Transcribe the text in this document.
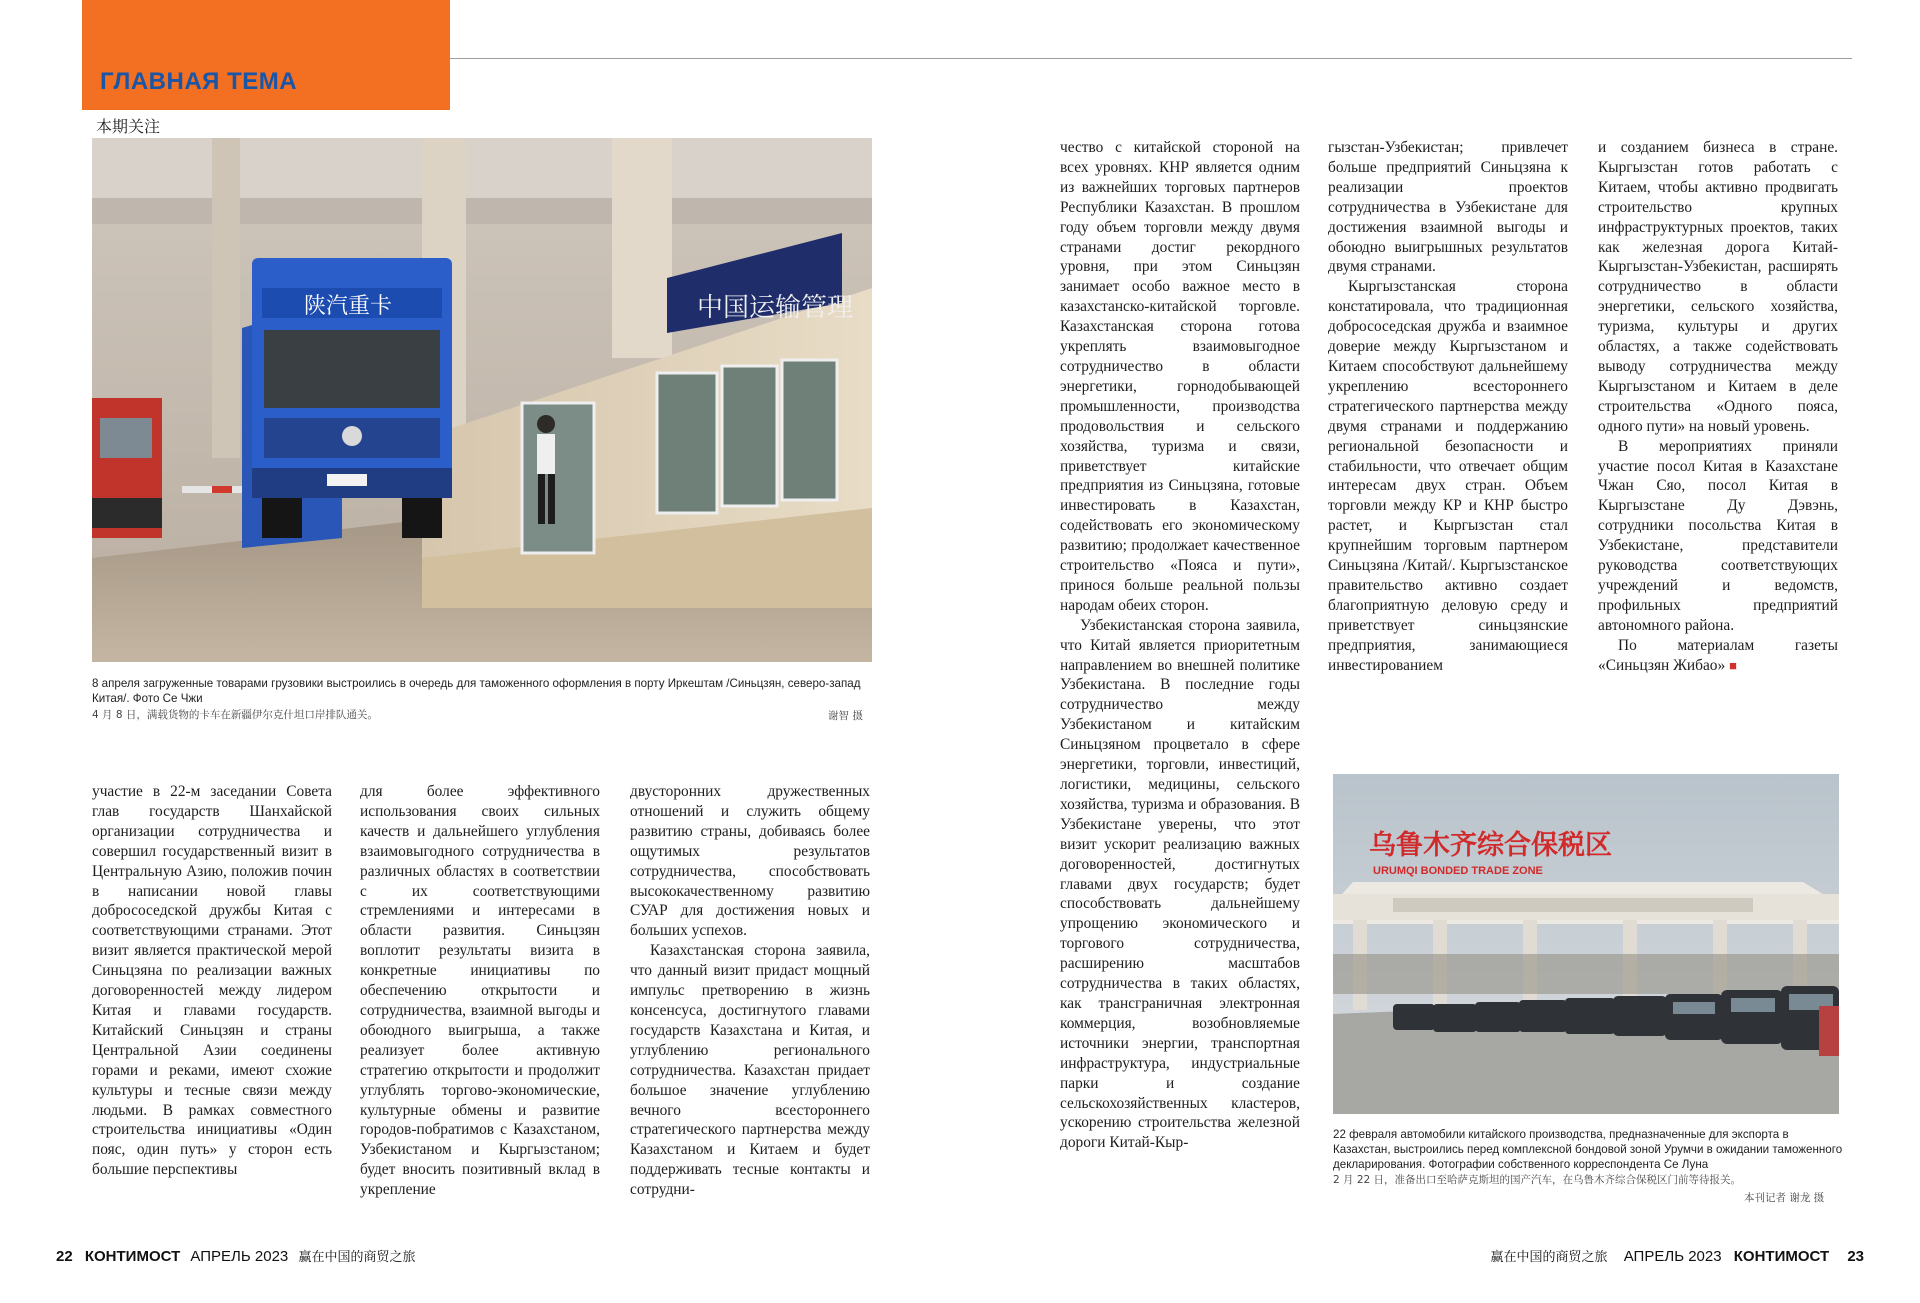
ГЛАВНАЯ ТЕМА
本期关注
中国运输管理
陕汽重卡
8 апреля загруженные товарами грузовики выстроились в очередь для таможенного оформления в порту Иркештам /Синьцзян, северо-запад Китая/. Фото Се Чжи
4 月 8 日，满载货物的卡车在新疆伊尔克什坦口岸排队通关。	谢智 摄

участие в 22-м заседании Совета глав государств Шанхайской организации сотрудничества и совершил государственный визит в Центральную Азию, положив почин в написании новой главы добрососедской дружбы Китая с соответствующими странами. Этот визит является практической мерой Синьцзяна по реализации важных договоренностей между лидером Китая и главами государств. Китайский Синьцзян и страны Центральной Азии соединены горами и реками, имеют схожие культуры и тесные связи между людьми. В рамках совместного строительства инициативы «Один пояс, один путь» у сторон есть большие перспективы

для более эффективного использования своих сильных качеств и дальнейшего углубления взаимовыгодного сотрудничества в различных областях в соответствии с их соответствующими стремлениями и интересами в области развития. Синьцзян воплотит результаты визита в конкретные инициативы по обеспечению открытости и сотрудничества, взаимной выгоды и обоюдного выигрыша, а также реализует более активную стратегию открытости и продолжит углублять торгово-экономические, культурные обмены и развитие городов-побратимов с Казахстаном, Узбекистаном и Кыргызстаном; будет вносить позитивный вклад в укрепление

двусторонних дружественных отношений и служить общему развитию страны, добиваясь более ощутимых результатов сотрудничества, способствовать высококачественному развитию СУАР для достижения новых и больших успехов.

Казахстанская сторона заявила, что данный визит придаст мощный импульс претворению в жизнь консенсуса, достигнутого главами государств Казахстана и Китая, и углублению регионального сотрудничества. Казахстан придает большое значение углублению вечного всестороннего стратегического партнерства между Казахстаном и Китаем и будет поддерживать тесные контакты и сотрудни-

чество с китайской стороной на всех уровнях. КНР является одним из важнейших торговых партнеров Республики Казахстан. В прошлом году объем торговли между двумя странами достиг рекордного уровня, при этом Синьцзян занимает особо важное место в казахстанско-китайской торговле. Казахстанская сторона готова укреплять взаимовыгодное сотрудничество в области энергетики, горнодобывающей промышленности, производства продовольствия и сельского хозяйства, туризма и связи, приветствует китайские предприятия из Синьцзяна, готовые инвестировать в Казахстан, содействовать его экономическому развитию; продолжает качественное строительство «Пояса и пути», принося больше реальной пользы народам обеих сторон.

Узбекистанская сторона заявила, что Китай является приоритетным направлением во внешней политике Узбекистана. В последние годы сотрудничество между Узбекистаном и китайским Синьцзяном процветало в сфере энергетики, торговли, инвестиций, логистики, медицины, сельского хозяйства, туризма и образования. В Узбекистане уверены, что этот визит ускорит реализацию важных договоренностей, достигнутых главами двух государств; будет способствовать дальнейшему упрощению экономического и торгового сотрудничества, расширению масштабов сотрудничества в таких областях, как трансграничная электронная коммерция, возобновляемые источники энергии, транспортная инфраструктура, индустриальные парки и создание сельскохозяйственных кластеров, ускорению строительства железной дороги Китай-Кыр-

гызстан-Узбекистан; привлечет больше предприятий Синьцзяна к реализации проектов сотрудничества в Узбекистане для достижения взаимной выгоды и обоюдно выигрышных результатов двумя странами.

Кыргызстанская сторона констатировала, что традиционная добрососедская дружба и взаимное доверие между Кыргызстаном и Китаем способствуют дальнейшему укреплению всестороннего стратегического партнерства между двумя странами и поддержанию региональной безопасности и стабильности, что отвечает общим интересам двух стран. Объем торговли между КР и КНР быстро растет, и Кыргызстан стал крупнейшим торговым партнером Синьцзяна /Китай/. Кыргызстанское правительство активно создает благоприятную деловую среду и приветствует синьцзянские предприятия, занимающиеся инвестированием

и созданием бизнеса в стране. Кыргызстан готов работать с Китаем, чтобы активно продвигать строительство крупных инфраструктурных проектов, таких как железная дорога Китай-Кыргызстан-Узбекистан, расширять сотрудничество в области энергетики, сельского хозяйства, туризма, культуры и других областях, а также содействовать выводу сотрудничества между Кыргызстаном и Китаем в деле строительства «Одного пояса, одного пути» на новый уровень.

В мероприятиях приняли участие посол Китая в Казахстане Чжан Сяо, посол Китая в Кыргызстане Ду Дэвэнь, сотрудники посольства Китая в Узбекистане, представители руководства соответствующих учреждений и ведомств, профильных предприятий автономного района.

По материалам газеты «Синьцзян Жибао» ■

乌鲁木齐综合保税区
URUMQI BONDED TRADE ZONE
22 февраля автомобили китайского производства, предназначенные для экспорта в Казахстан, выстроились перед комплексной бондовой зоной Урумчи в ожидании таможенного декларирования. Фотографии собственного корреспондента Се Луна
2 月 22 日，准备出口至哈萨克斯坦的国产汽车，在乌鲁木齐综合保税区门前等待报关。
本刊记者 谢龙 摄
22 КОНТИМОСТ АПРЕЛЬ 2023 赢在中国的商贸之旅	赢在中国的商贸之旅 АПРЕЛЬ 2023 КОНТИМОСТ 23
